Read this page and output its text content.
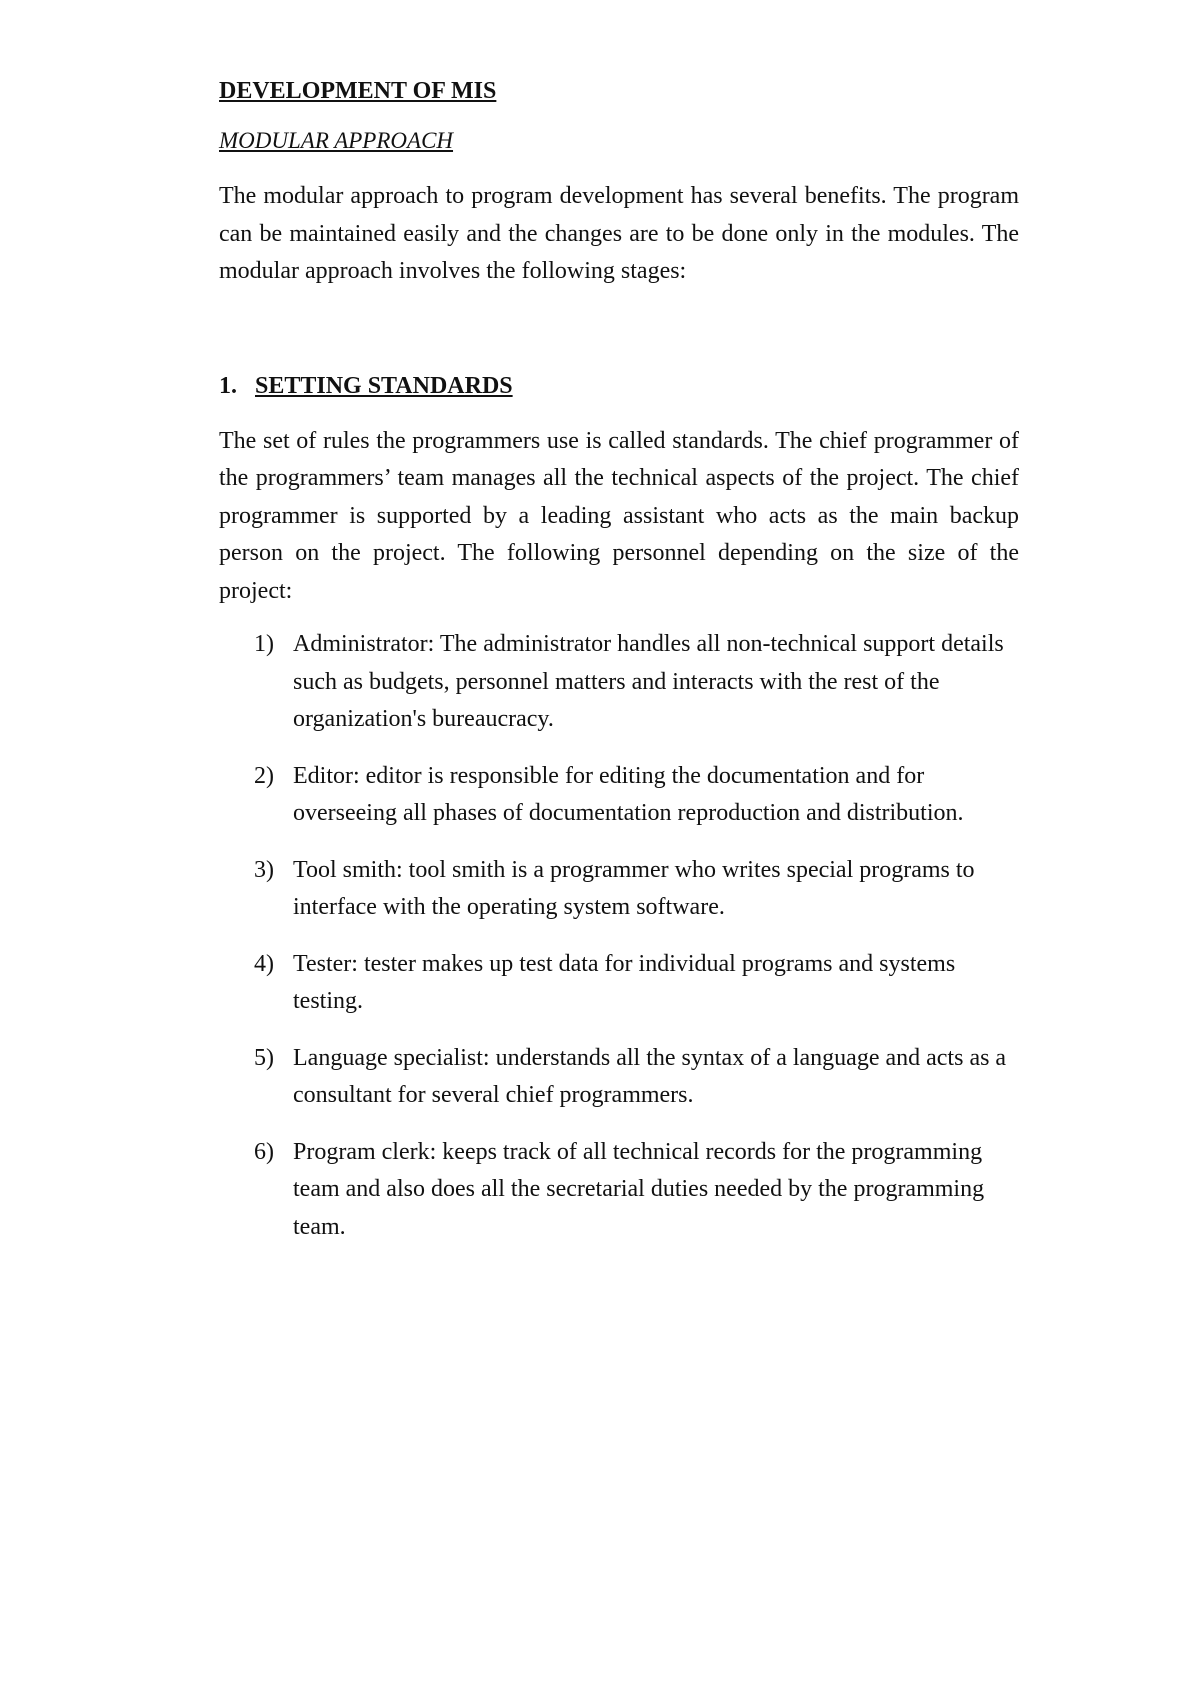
DEVELOPMENT OF MIS

MODULAR APPROACH

The modular approach to program development has several benefits. The program can be maintained easily and the changes are to be done only in the modules. The modular approach involves the following stages:

1. SETTING STANDARDS

The set of rules the programmers use is called standards. The chief programmer of the programmers’ team manages all the technical aspects of the project. The chief programmer is supported by a leading assistant who acts as the main backup person on the project. The following personnel depending on the size of the project:

1) Administrator: The administrator handles all non-technical support details such as budgets, personnel matters and interacts with the rest of the organization's bureaucracy.
2) Editor: editor is responsible for editing the documentation and for overseeing all phases of documentation reproduction and distribution.
3) Tool smith: tool smith is a programmer who writes special programs to interface with the operating system software.
4) Tester: tester makes up test data for individual programs and systems testing.
5) Language specialist: understands all the syntax of a language and acts as a consultant for several chief programmers.
6) Program clerk: keeps track of all technical records for the programming team and also does all the secretarial duties needed by the programming team.
